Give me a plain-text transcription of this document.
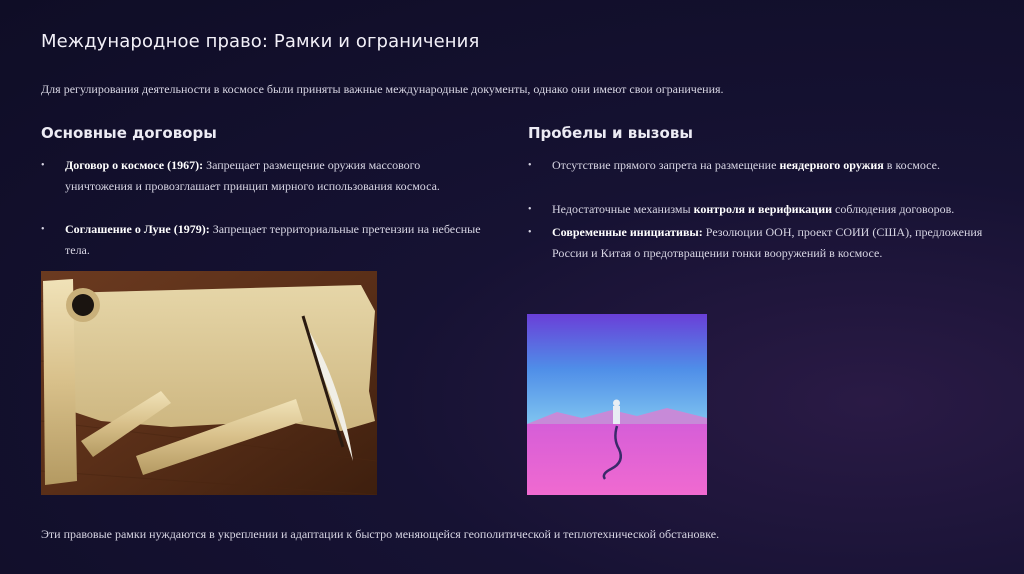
Международное право: Рамки и ограничения

Для регулирования деятельности в космосе были приняты важные международные документы, однако они имеют свои ограничения.

Основные договоры
• Договор о космосе (1967): Запрещает размещение оружия массового уничтожения и провозглашает принцип мирного использования космоса.
• Соглашение о Луне (1979): Запрещает территориальные претензии на небесные тела.
Пробелы и вызовы
• Отсутствие прямого запрета на размещение неядерного оружия в космосе.
• Недостаточные механизмы контроля и верификации соблюдения договоров.
• Современные инициативы: Резолюции ООН, проект СОИИ (США), предложения России и Китая о предотвращении гонки вооружений в космосе.

Эти правовые рамки нуждаются в укреплении и адаптации к быстро меняющейся геополитической и теплотехнической обстановке.
